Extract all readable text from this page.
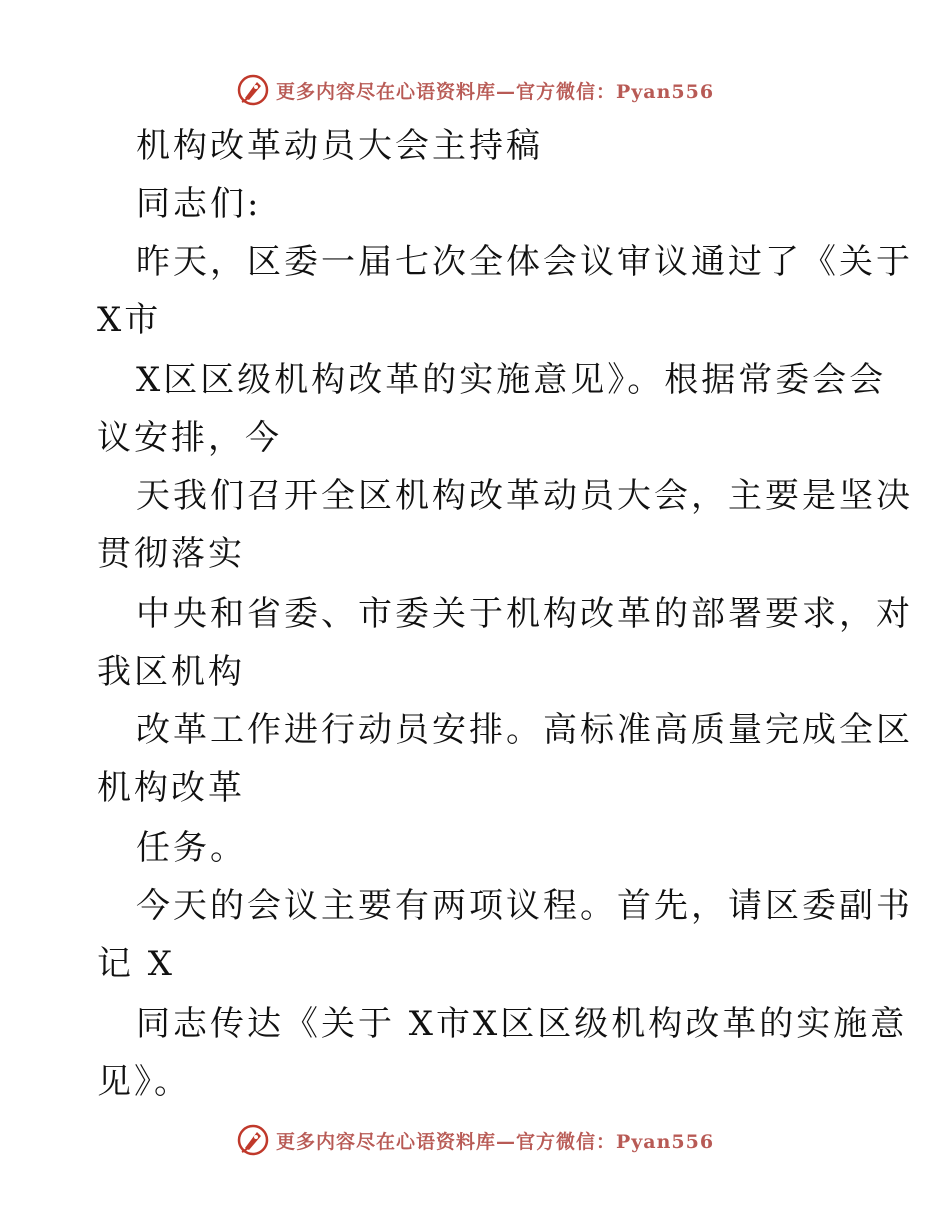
更多内容尽在心语资料库—官方微信：Pyan556
机构改革动员大会主持稿
同志们:
昨天，区委一届七次全体会议审议通过了《关于
X市
X区区级机构改革的实施意见》。根据常委会会
议安排，今
天我们召开全区机构改革动员大会，主要是坚决
贯彻落实
中央和省委、市委关于机构改革的部署要求，对
我区机构
改革工作进行动员安排。高标准高质量完成全区
机构改革
任务。
今天的会议主要有两项议程。首先，请区委副书
记 X
同志传达《关于 X市X区区级机构改革的实施意
见》。
更多内容尽在心语资料库—官方微信：Pyan556
